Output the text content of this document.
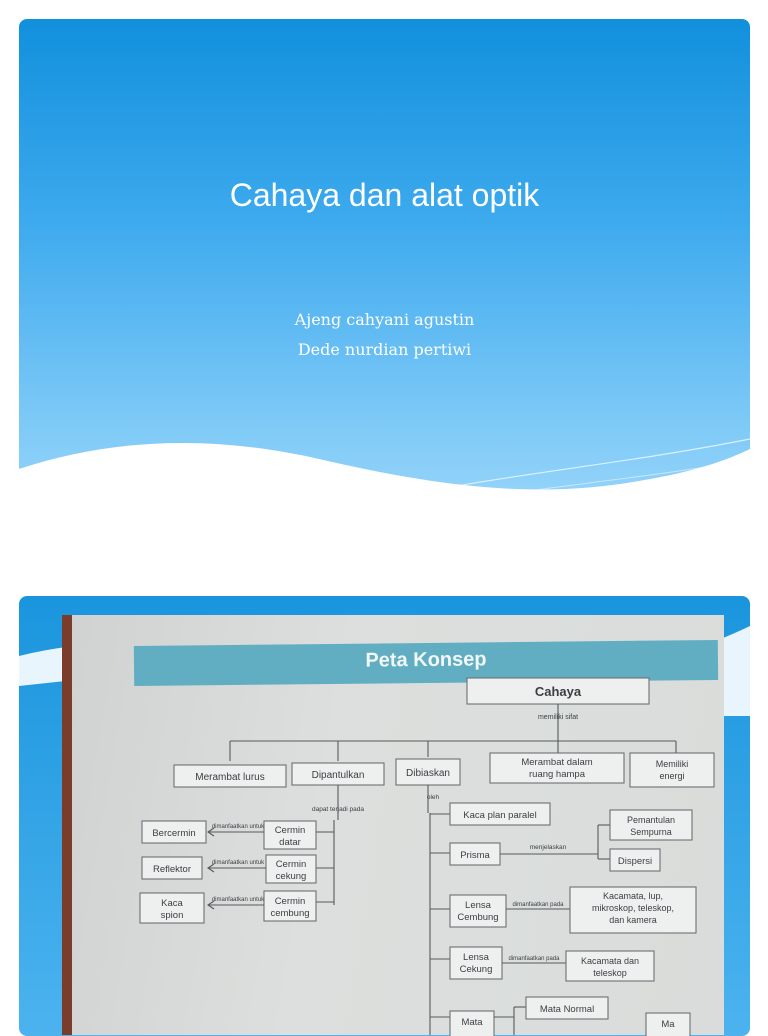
Cahaya dan alat optik
Ajeng cahyani agustin
Dede nurdian pertiwi
Peta Konsep
Cahaya
memiliki sifat
Merambat lurus	Dipantulkan	Dibiaskan
Merambat dalam
ruang hampa
Memiliki
energi
dapat terjadi pada
Cermin
datar
Cermin
cekung
Cermin
cembung
dimanfaatkan untuk
dimanfaatkan untuk
dimanfaatkan untuk
Bercermin
Reflektor
Kaca
spion
oleh
Kaca plan paralel
Prisma
menjelaskan
Pemantulan
Sempurna
Dispersi
Lensa
Cembung
dimanfaatkan pada
Kacamata, lup,
mikroskop, teleskop,
dan kamera
Lensa
Cekung
dimanfaatkan pada Kacamata dan
teleskop
Mata
Mata Normal
Ma
